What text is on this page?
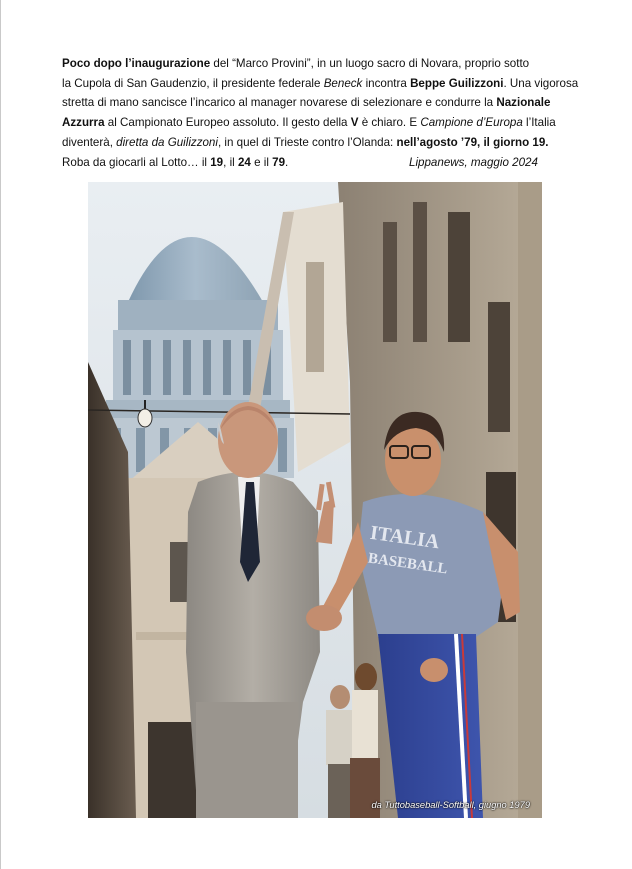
Poco dopo l’inaugurazione del “Marco Provini”, in un luogo sacro di Novara, proprio sotto
la Cupola di San Gaudenzio, il presidente federale Beneck incontra Beppe Guilizzoni. Una vigorosa
stretta di mano sancisce l’incarico al manager novarese di selezionare e condurre la Nazionale
Azzurra al Campionato Europeo assoluto. Il gesto della V è chiaro. E Campione d’Europa l’Italia
diventerà, diretta da Guilizzoni, in quel di Trieste contro l’Olanda: nell’agosto ’79, il giorno 19.
Roba da giocarli al Lotto… il 19, il 24 e il 79.	Lippanews, maggio 2024
ITALIA
BASEBALL
da Tuttobaseball-Softball, giugno 1979
